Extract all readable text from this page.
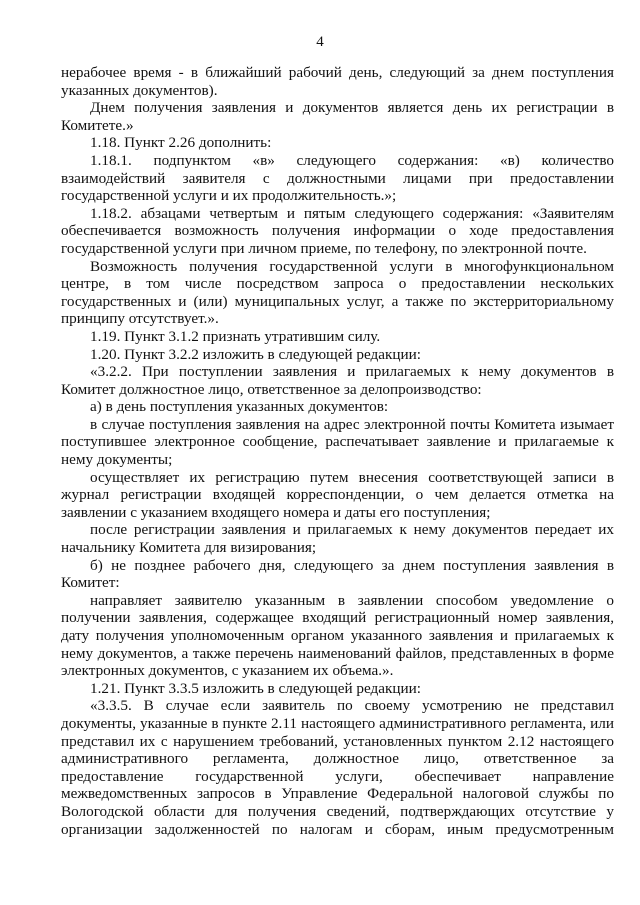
4

нерабочее время - в ближайший рабочий день, следующий за днем поступления указанных документов).

Днем получения заявления и документов является день их регистрации в Комитете.»

1.18. Пункт 2.26 дополнить:

1.18.1. подпунктом «в» следующего содержания: «в) количество взаимодействий заявителя с должностными лицами при предоставлении государственной услуги и их продолжительность.»;

1.18.2. абзацами четвертым и пятым следующего содержания: «Заявителям обеспечивается возможность получения информации о ходе предоставления государственной услуги при личном приеме, по телефону, по электронной почте.

Возможность получения государственной услуги в многофункциональном центре, в том числе посредством запроса о предоставлении нескольких государственных и (или) муниципальных услуг, а также по экстерриториальному принципу отсутствует.».

1.19. Пункт 3.1.2 признать утратившим силу.

1.20. Пункт 3.2.2 изложить в следующей редакции:

«3.2.2. При поступлении заявления и прилагаемых к нему документов в Комитет должностное лицо, ответственное за делопроизводство:

а) в день поступления указанных документов:

в случае поступления заявления на адрес электронной почты Комитета изымает поступившее электронное сообщение, распечатывает заявление и прилагаемые к нему документы;

осуществляет их регистрацию путем внесения соответствующей записи в журнал регистрации входящей корреспонденции, о чем делается отметка на заявлении с указанием входящего номера и даты его поступления;

после регистрации заявления и прилагаемых к нему документов передает их начальнику Комитета для визирования;

б) не позднее рабочего дня, следующего за днем поступления заявления в Комитет:

направляет заявителю указанным в заявлении способом уведомление о получении заявления, содержащее входящий регистрационный номер заявления, дату получения уполномоченным органом указанного заявления и прилагаемых к нему документов, а также перечень наименований файлов, представленных в форме электронных документов, с указанием их объема.».

1.21. Пункт 3.3.5 изложить в следующей редакции:

«3.3.5. В случае если заявитель по своему усмотрению не представил документы, указанные в пункте 2.11 настоящего административного регламента, или представил их с нарушением требований, установленных пунктом 2.12 настоящего административного регламента, должностное лицо, ответственное за предоставление государственной услуги, обеспечивает направление межведомственных запросов в Управление Федеральной налоговой службы по Вологодской области для получения сведений, подтверждающих отсутствие у организации задолженностей по налогам и сборам, иным предусмотренным
